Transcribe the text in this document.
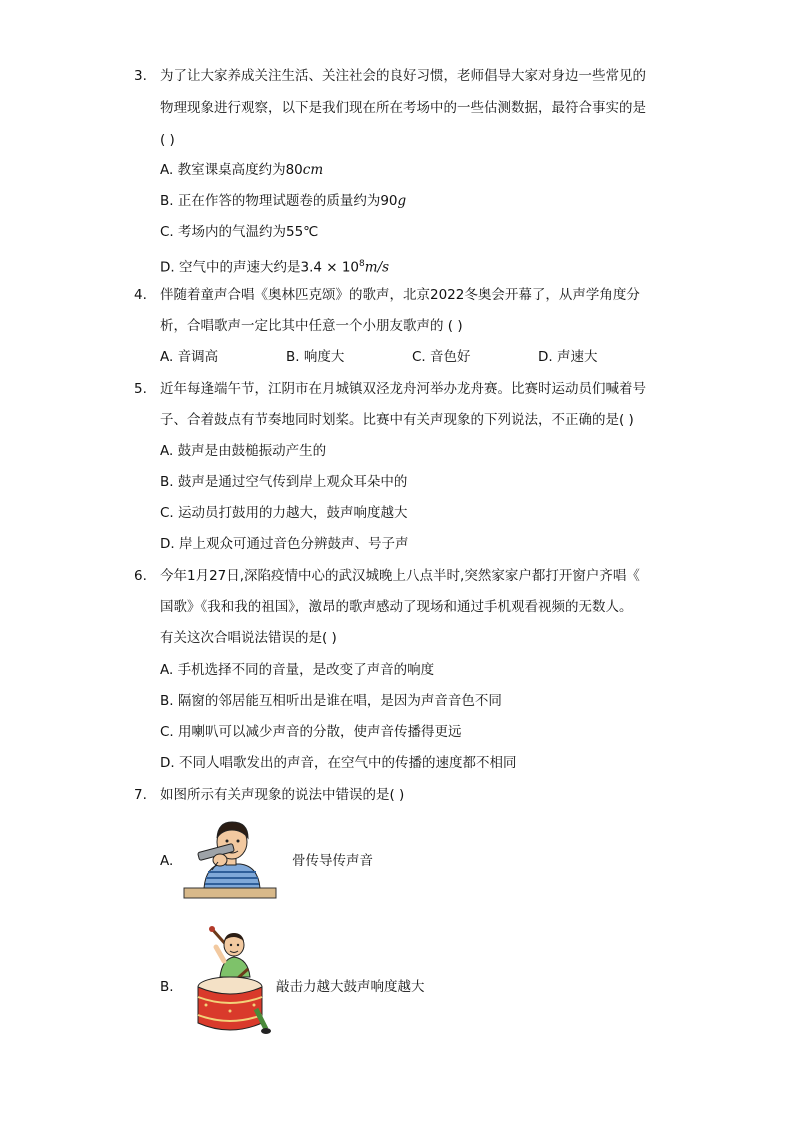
3. 为了让大家养成关注生活、关注社会的良好习惯，老师倡导大家对身边一些常见的
物理现象进行观察，以下是我们现在所在考场中的一些估测数据，最符合事实的是
( )
A. 教室课桌高度约为80cm
B. 正在作答的物理试题卷的质量约为90g
C. 考场内的气温约为55℃
D. 空气中的声速大约是$3.4 \times 10^8m/s$
4. 伴随着童声合唱《奥林匹克颂》的歌声，北京2022冬奥会开幕了，从声学角度分
析，合唱歌声一定比其中任意一个小朋友歌声的 ( )
A. 音调高	B. 响度大	C. 音色好	D. 声速大
5. 近年每逢端午节，江阴市在月城镇双泾龙舟河举办龙舟赛。比赛时运动员们喊着号
子、合着鼓点有节奏地同时划桨。比赛中有关声现象的下列说法，不正确的是( )
A. 鼓声是由鼓槌振动产生的
B. 鼓声是通过空气传到岸上观众耳朵中的
C. 运动员打鼓用的力越大，鼓声响度越大
D. 岸上观众可通过音色分辨鼓声、号子声
6. 今年1月27日,深陷疫情中心的武汉城晚上八点半时,突然家家户都打开窗户齐唱《
国歌》《我和我的祖国》，激昂的歌声感动了现场和通过手机观看视频的无数人。
有关这次合唱说法错误的是( )
A. 手机选择不同的音量，是改变了声音的响度
B. 隔窗的邻居能互相听出是谁在唱，是因为声音音色不同
C. 用喇叭可以减少声音的分散，使声音传播得更远
D. 不同人唱歌发出的声音，在空气中的传播的速度都不相同
7. 如图所示有关声现象的说法中错误的是( )
A.	骨传导传声音
B.	敲击力越大鼓声响度越大
